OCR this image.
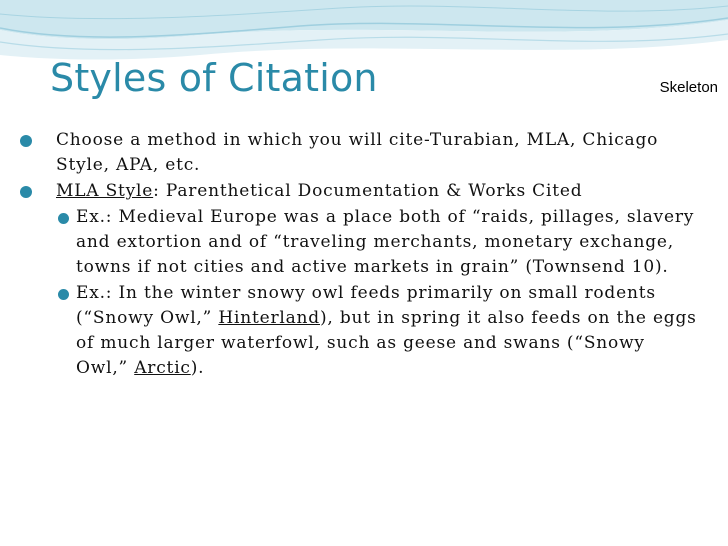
Styles of Citation	Skeleton
Choose a method in which you will cite-Turabian, MLA, Chicago Style, APA, etc.
MLA Style: Parenthetical Documentation & Works Cited
Ex.: Medieval Europe was a place both of “raids, pillages, slavery and extortion and of “traveling merchants, monetary exchange, towns if not cities and active markets in grain” (Townsend 10).
Ex.: In the winter snowy owl feeds primarily on small rodents (“Snowy Owl,” Hinterland), but in spring it also feeds on the eggs of much larger waterfowl, such as geese and swans (“Snowy Owl,” Arctic).
